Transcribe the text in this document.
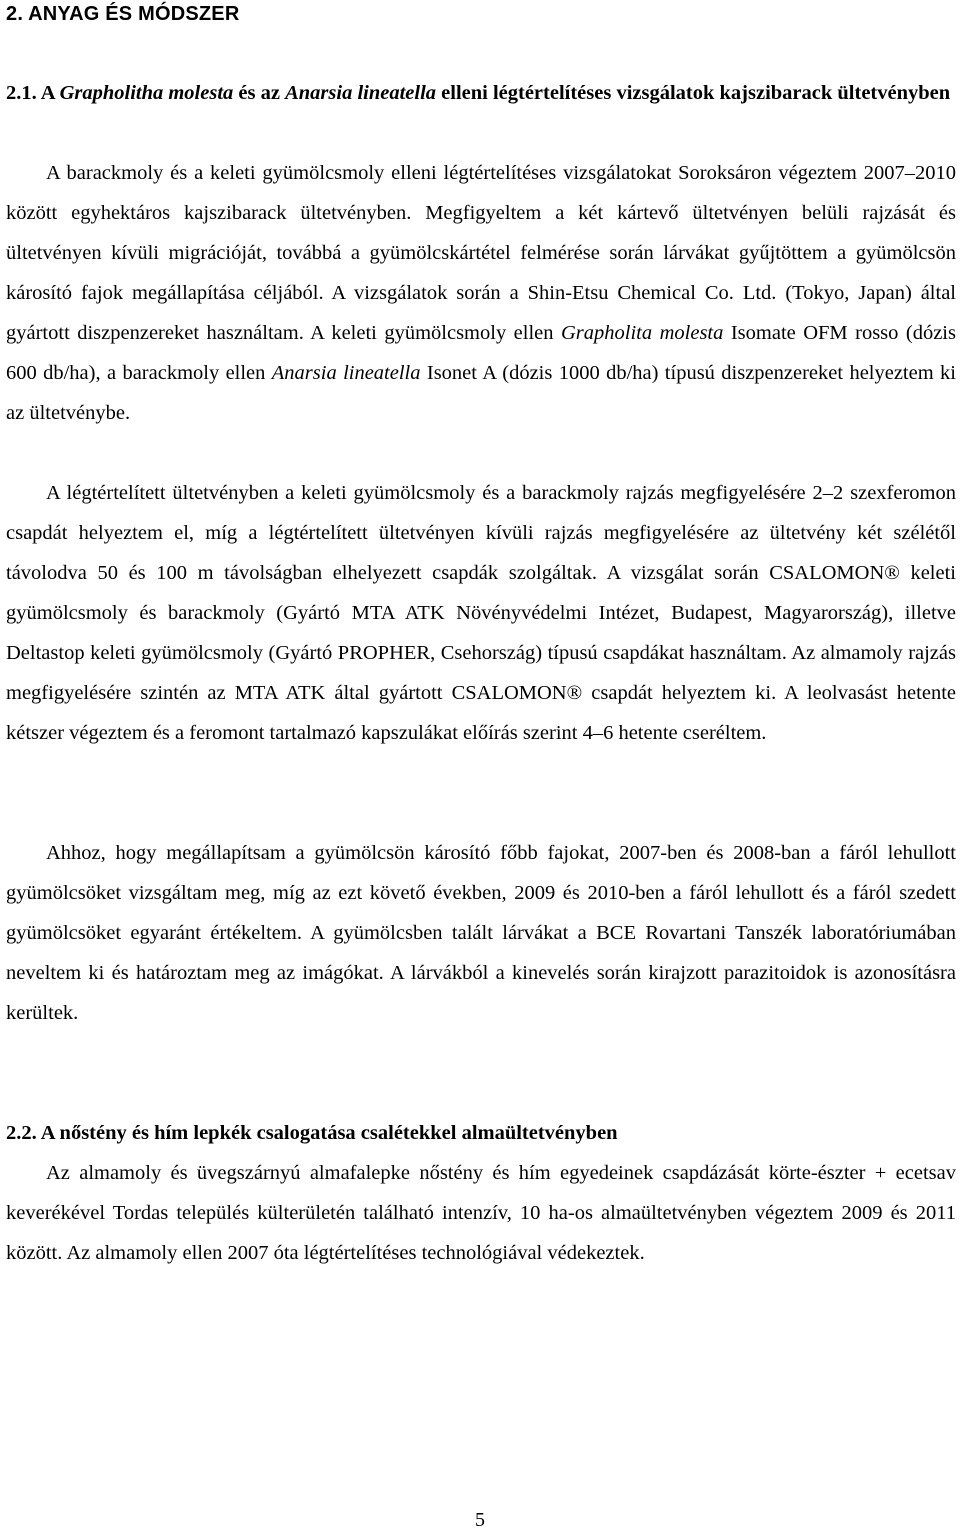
2. ANYAG ÉS MÓDSZER
2.1. A Grapholitha molesta és az Anarsia lineatella elleni légtértelítéses vizsgálatok kajszibarack ültetvényben
A barackmoly és a keleti gyümölcsmoly elleni légtértelítéses vizsgálatokat Soroksáron végeztem 2007–2010 között egyhektáros kajszibarack ültetvényben. Megfigyeltem a két kártevő ültetvényen belüli rajzását és ültetvényen kívüli migrációját, továbbá a gyümölcskártétel felmérése során lárvákat gyűjtöttem a gyümölcsön károsító fajok megállapítása céljából. A vizsgálatok során a Shin-Etsu Chemical Co. Ltd. (Tokyo, Japan) által gyártott diszpenzereket használtam. A keleti gyümölcsmoly ellen Grapholita molesta Isomate OFM rosso (dózis 600 db/ha), a barackmoly ellen Anarsia lineatella Isonet A (dózis 1000 db/ha) típusú diszpenzereket helyeztem ki az ültetvénybe.
A légtértelített ültetvényben a keleti gyümölcsmoly és a barackmoly rajzás megfigyelésére 2–2 szexferomon csapdát helyeztem el, míg a légtértelített ültetvényen kívüli rajzás megfigyelésére az ültetvény két szélétől távolodva 50 és 100 m távolságban elhelyezett csapdák szolgáltak. A vizsgálat során CSALOMON® keleti gyümölcsmoly és barackmoly (Gyártó MTA ATK Növényvédelmi Intézet, Budapest, Magyarország), illetve Deltastop keleti gyümölcsmoly (Gyártó PROPHER, Csehország) típusú csapdákat használtam. Az almamoly rajzás megfigyelésére szintén az MTA ATK által gyártott CSALOMON® csapdát helyeztem ki. A leolvasást hetente kétszer végeztem és a feromont tartalmazó kapszulákat előírás szerint 4–6 hetente cseréltem.
Ahhoz, hogy megállapítsam a gyümölcsön károsító főbb fajokat, 2007-ben és 2008-ban a fáról lehullott gyümölcsöket vizsgáltam meg, míg az ezt követő években, 2009 és 2010-ben a fáról lehullott és a fáról szedett gyümölcsöket egyaránt értékeltem. A gyümölcsben talált lárvákat a BCE Rovartani Tanszék laboratóriumában neveltem ki és határoztam meg az imágókat. A lárvákból a kinevelés során kirajzott parazitoidok is azonosításra kerültek.
2.2. A nőstény és hím lepkék csalogatása csalétekkel almaültetvényben
Az almamoly és üvegszárnyú almafalepke nőstény és hím egyedeinek csapdázását körte-észter + ecetsav keverékével Tordas település külterületén található intenzív, 10 ha-os almaültetvényben végeztem 2009 és 2011 között. Az almamoly ellen 2007 óta légtértelítéses technológiával védekeztek.
5
